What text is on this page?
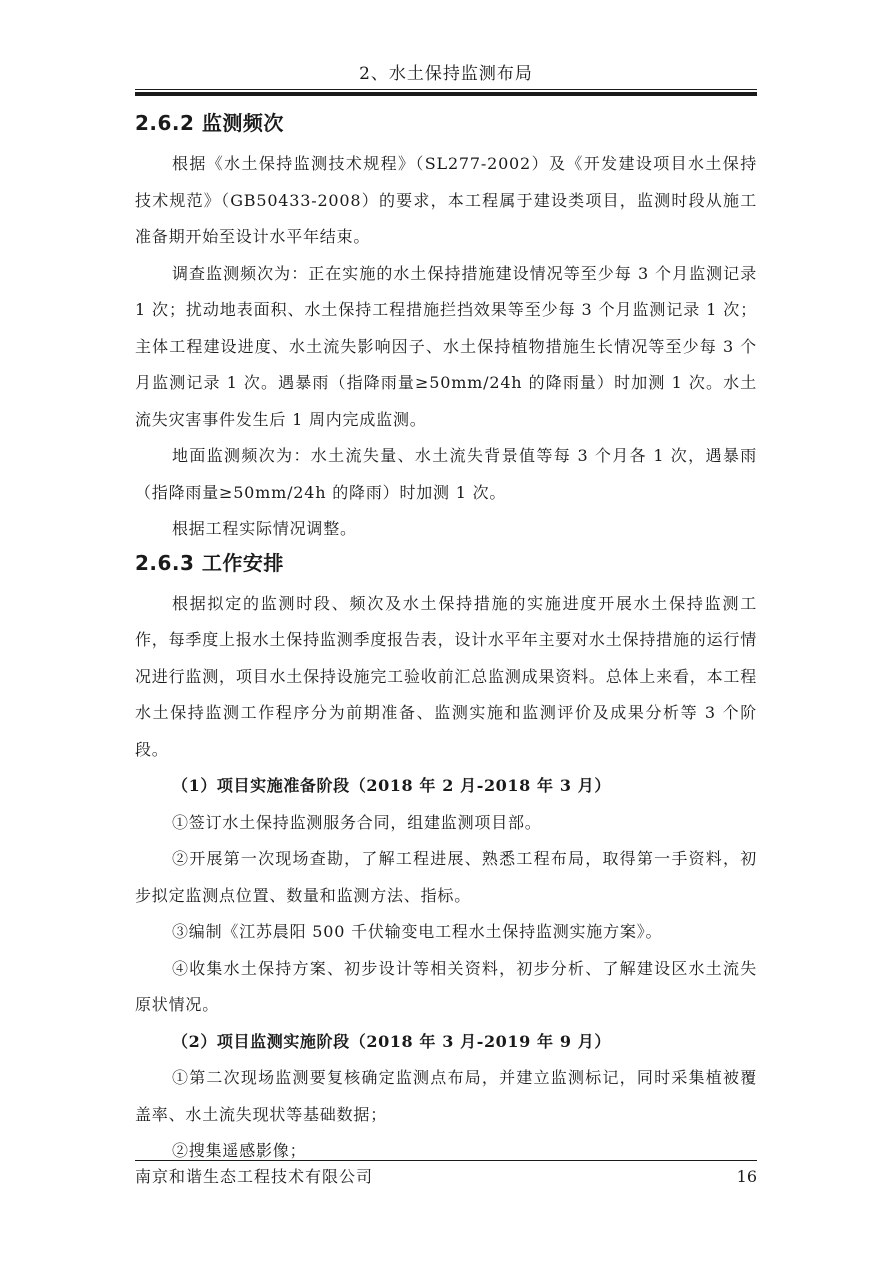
2、水土保持监测布局
2.6.2 监测频次

根据《水土保持监测技术规程》（SL277-2002）及《开发建设项目水土保持技术规范》（GB50433-2008）的要求，本工程属于建设类项目，监测时段从施工准备期开始至设计水平年结束。

调查监测频次为：正在实施的水土保持措施建设情况等至少每 3 个月监测记录 1 次；扰动地表面积、水土保持工程措施拦挡效果等至少每 3 个月监测记录 1 次；主体工程建设进度、水土流失影响因子、水土保持植物措施生长情况等至少每 3 个月监测记录 1 次。遇暴雨（指降雨量≥50mm/24h 的降雨量）时加测 1 次。水土流失灾害事件发生后 1 周内完成监测。

地面监测频次为：水土流失量、水土流失背景值等每 3 个月各 1 次，遇暴雨（指降雨量≥50mm/24h 的降雨）时加测 1 次。

根据工程实际情况调整。

2.6.3 工作安排

根据拟定的监测时段、频次及水土保持措施的实施进度开展水土保持监测工作，每季度上报水土保持监测季度报告表，设计水平年主要对水土保持措施的运行情况进行监测，项目水土保持设施完工验收前汇总监测成果资料。总体上来看，本工程水土保持监测工作程序分为前期准备、监测实施和监测评价及成果分析等 3 个阶段。

（1）项目实施准备阶段（2018 年 2 月-2018 年 3 月）

①签订水土保持监测服务合同，组建监测项目部。

②开展第一次现场查勘，了解工程进展、熟悉工程布局，取得第一手资料，初步拟定监测点位置、数量和监测方法、指标。

③编制《江苏晨阳 500 千伏输变电工程水土保持监测实施方案》。

④收集水土保持方案、初步设计等相关资料，初步分析、了解建设区水土流失原状情况。

（2）项目监测实施阶段（2018 年 3 月-2019 年 9 月）

①第二次现场监测要复核确定监测点布局，并建立监测标记，同时采集植被覆盖率、水土流失现状等基础数据；

②搜集遥感影像；

南京和谐生态工程技术有限公司	16
